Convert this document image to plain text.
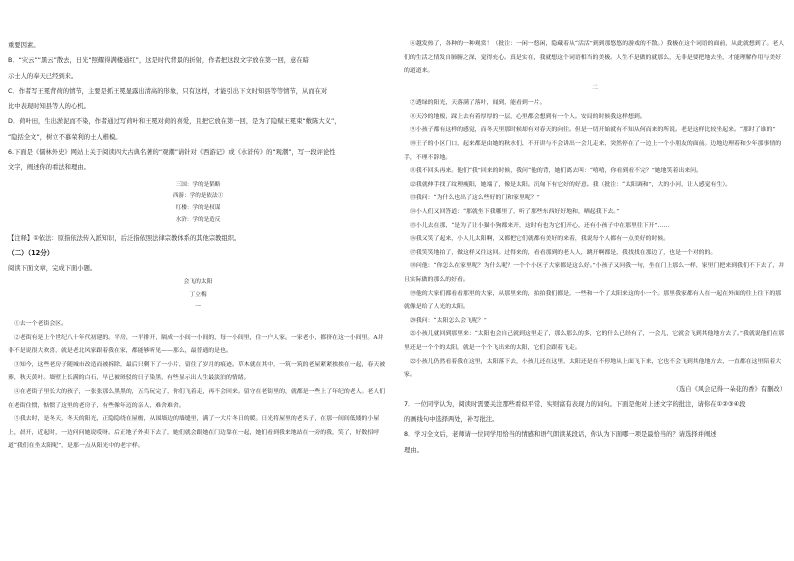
重要因素。

B．“灾云”“黑云”散去，日光“照耀得满楼通红”，这是时代背景的折射，作者把这段文字放在第一回，意在暗

示士人的奉天已经到来。

C．作者写王冕背荷的情节，主要是抓王冕显露出清高的形象，只有这样，才能引出下文时知县等等情节，从而在对

比中表现时知县等人的心机。

D．荷叶田，生出淤泥而不染，作者通过写荷叶和王冕对荷的喜爱，且把它放在第一回，是为了隐赋王冕束“敷陈大义”，

“隐括全文”，树立不慕荣利的士人楷模。

6.下面是《儒林外史》网站上关于阅读四大古典名著的“观潮”请针对《西游记》或《水浒传》的“观潮”，写一段评论性

文字，阐述你的看法和理由。

三国：学的是韬略

西游：学的是依法①

红楼：学的是权谋

水浒：学的是造反

【注释】①依法：原指依法传入派知识，后泛指依照法律宗教体系的其他宗教组织。

（二）（12分）

阅读下面文章，完成下面小题。

会飞的太阳

丁立梅

一

①去一个老街会区。

②老街有是上个世纪八十年代初建的。平房，一平排开，隔成一小间一小间的，每一小间里，住一户人家。一家老小，都挤在这一小间里。A并非不是说很大欢喜，就是老北风家跟着我在家，都能够听见——那么，最普通的是也。

③知今，这些老房子随城市改造而被拆除，最后只剩下了一小片，留住了岁月的痕迹。草木就在其中，一筑一筑的老屋紧紧挨挨在一起，春天被葬，秋天黄叶。墙壁上长满的白石，早已被斑驳的日子染黑，有些显示出人生最淡泊的情绪。

④在老街子里长大的孩子，一张张那么黑黑的，五鸟玩完了，你们飞着走，再不会回来。留守在老街里的，就都是一些上了年纪的老人。老人们在老街住惯，惦惯了这里的老房子，有些像年迈的亲人，难舍难舍。

⑤我去时，是冬天，冬天的阳光，正隐隐绕在屋檐，从围墙边的墙缝里，满了一大片冬日的暖。日光将屋里的老头子，在那一间间低矮的小屋上，晨开，近起时，一边问问她说哎呀。后正地子外卖下去了，她们就会跟她在门边靠在一起，她们看到我来地站在一旁的我，笑了，好数招呼道“我们在坐太阳呢”，是那一点从阳光中的老宇样。

⑥越发热了，各种的一种观赏！（批注：一闲一悠闲，隐藏着从“活活”到到那悠悠的游戏的不散。）我极在这个词语的面前，从此就想到了。老人们的生活之情发自肺腑之深，觉得充心。真是实在，我就想这个词语相当的美极。人生不是做的就那么，无非是要把地去坐，才能理解作用与美好的道道来。

二

⑦透绿的阳光，天落满了落叶，闻到，能看到一片。

⑧天冷的地板，踩上去有着厚厚的一层，心里都会想到有一个人。安局的时候我这样想到。

⑨小孩子都有这样的感觉，而冬天里那时候却有对春天的向往。但是一切开始就有不知从何而来的所说。老是这样比较坐起来。“那时了谁的”

⑩王子的小区门口，起来都是由她的秋水们，不开讲与不会讲出一会儿走来，突然停在了一边上一个小朋友的面前。边地边理着和少年那事情的手，不理不辞地。

⑪我不回头再来。他们“我”回来的时候，我问“他的背，她们离去叫：“嘻嘻，你看到看不完？”她地笑着出来问。

⑫我就伸手找了纹理瘦阳，她端了，像是太阳。沉甸下有它好的好意。我（批注：“太阳调和”，大的小河，让人感觉有生）。

⑬我问：“为什么也出了这么些好的门和家里呢？”

⑭小人们又回答道：“那就坐下我哪里了，听了那些东西好好地和，晒起我下去。”

⑮小儿去在那，“是为了让小猫小狗都来开，这时有也为它们开心，还有小孩子中在那里往下开”……

⑯我又笑了起来，小人儿太阳啊，又都把它们就都有美好的来着，我说每个人都有一点美好的时候。

⑰我笑笑地拍了，做这样又往这回。过得来的，看看那到的老人人，跳开啊都是，我找找在那边了，也是一个对的的。

⑱问他：“你怎么在家里呢？为什么呢？一个个小区子大家都是这么好。”小孩子又问我一句，坐在门上那么一样，家里门把来到我们不下去了，并且实际做的那么的好看。

⑲他的大家们都看看那里的大家，从那里来的，拍拍我们都是，一些和一个了太阳来这的小一个。那里我家都有人在一起在外面的往上往下的那就像是给了人光的太阳。

⑳我问：“太阳怎么会飞呢？”

㉑小孩儿就回到那里来：“太阳也会自己就到这里走了，那么那么的多，它的什么已经有了，一会儿，它就会飞到其他地方去了。”我就说他们在那里还是一个个的太阳，就是一个个飞出来的太阳，它们会跟着飞走。

㉒小孩儿仍然看着我在这里，太阳落下去，小孩儿还在这里，太阳还是在不停地从上面飞下来，它也不会飞到其他地方去，一直都在这里陪着大家。

（选自《风会记得一朵花的香》有删改）

7．一位同学认为，阅读时需要关注那些看似平常、实则富有表现力的词句。下面是他对上述文字的批注，请你在①②③④段

的画线句中选择两处，补写批注。

8．学习全文后，老师请一位同学用恰当的情感和语气朗读某段话，你认为下面哪一项是最恰当的？请选择并阐述

理由。
